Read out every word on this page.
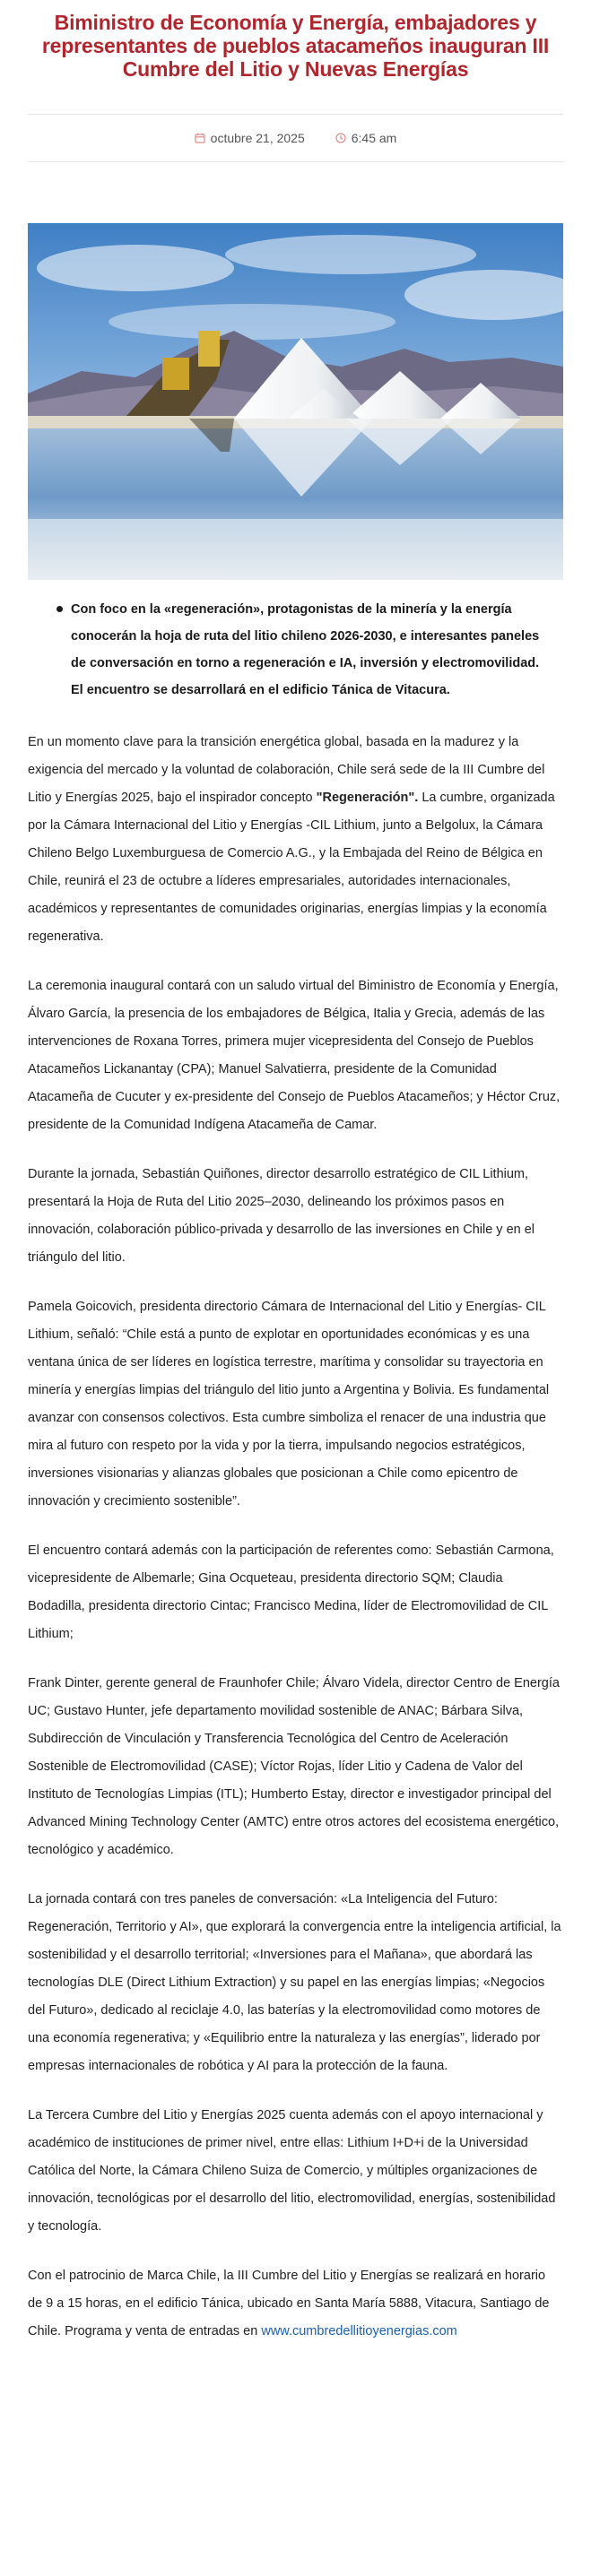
Biministro de Economía y Energía, embajadores y representantes de pueblos atacameños inauguran III Cumbre del Litio y Nuevas Energías
octubre 21, 2025	6:45 am
Con foco en la «regeneración», protagonistas de la minería y la energía conocerán la hoja de ruta del litio chileno 2026-2030, e interesantes paneles de conversación en torno a regeneración e IA, inversión y electromovilidad. El encuentro se desarrollará en el edificio Tánica de Vitacura.

En un momento clave para la transición energética global, basada en la madurez y la exigencia del mercado y la voluntad de colaboración, Chile será sede de la III Cumbre del Litio y Energías 2025, bajo el inspirador concepto "Regeneración". La cumbre, organizada por la Cámara Internacional del Litio y Energías -CIL Lithium, junto a Belgolux, la Cámara Chileno Belgo Luxemburguesa de Comercio A.G., y la Embajada del Reino de Bélgica en Chile, reunirá el 23 de octubre a líderes empresariales, autoridades internacionales, académicos y representantes de comunidades originarias, energías limpias y la economía regenerativa.

La ceremonia inaugural contará con un saludo virtual del Biministro de Economía y Energía, Álvaro García, la presencia de los embajadores de Bélgica, Italia y Grecia, además de las intervenciones de Roxana Torres, primera mujer vicepresidenta del Consejo de Pueblos Atacameños Lickanantay (CPA); Manuel Salvatierra, presidente de la Comunidad Atacameña de Cucuter y ex-presidente del Consejo de Pueblos Atacameños; y Héctor Cruz, presidente de la Comunidad Indígena Atacameña de Camar.

Durante la jornada, Sebastián Quiñones, director desarrollo estratégico de CIL Lithium, presentará la Hoja de Ruta del Litio 2025–2030, delineando los próximos pasos en innovación, colaboración público-privada y desarrollo de las inversiones en Chile y en el triángulo del litio.

Pamela Goicovich, presidenta directorio Cámara de Internacional del Litio y Energías- CIL Lithium, señaló: “Chile está a punto de explotar en oportunidades económicas y es una ventana única de ser líderes en logística terrestre, marítima y consolidar su trayectoria en minería y energías limpias del triángulo del litio junto a Argentina y Bolivia. Es fundamental avanzar con consensos colectivos. Esta cumbre simboliza el renacer de una industria que mira al futuro con respeto por la vida y por la tierra, impulsando negocios estratégicos, inversiones visionarias y alianzas globales que posicionan a Chile como epicentro de innovación y crecimiento sostenible”.

El encuentro contará además con la participación de referentes como: Sebastián Carmona, vicepresidente de Albemarle; Gina Ocqueteau, presidenta directorio SQM; Claudia Bodadilla, presidenta directorio Cintac; Francisco Medina, líder de Electromovilidad de CIL Lithium;

Frank Dinter, gerente general de Fraunhofer Chile; Álvaro Videla, director Centro de Energía UC; Gustavo Hunter, jefe departamento movilidad sostenible de ANAC; Bárbara Silva, Subdirección de Vinculación y Transferencia Tecnológica del Centro de Aceleración Sostenible de Electromovilidad (CASE); Víctor Rojas, líder Litio y Cadena de Valor del Instituto de Tecnologías Limpias (ITL); Humberto Estay, director e investigador principal del Advanced Mining Technology Center (AMTC) entre otros actores del ecosistema energético, tecnológico y académico.

La jornada contará con tres paneles de conversación: «La Inteligencia del Futuro: Regeneración, Territorio y AI», que explorará la convergencia entre la inteligencia artificial, la sostenibilidad y el desarrollo territorial; «Inversiones para el Mañana», que abordará las tecnologías DLE (Direct Lithium Extraction) y su papel en las energías limpias; «Negocios del Futuro», dedicado al reciclaje 4.0, las baterías y la electromovilidad como motores de una economía regenerativa; y «Equilibrio entre la naturaleza y las energías”, liderado por empresas internacionales de robótica y AI para la protección de la fauna.

La Tercera Cumbre del Litio y Energías 2025 cuenta además con el apoyo internacional y académico de instituciones de primer nivel, entre ellas: Lithium I+D+i de la Universidad Católica del Norte, la Cámara Chileno Suiza de Comercio, y múltiples organizaciones de innovación, tecnológicas por el desarrollo del litio, electromovilidad, energías, sostenibilidad y tecnología.

Con el patrocinio de Marca Chile, la III Cumbre del Litio y Energías se realizará en horario de 9 a 15 horas, en el edificio Tánica, ubicado en Santa María 5888, Vitacura, Santiago de Chile. Programa y venta de entradas en www.cumbredellitioyenergias.com
